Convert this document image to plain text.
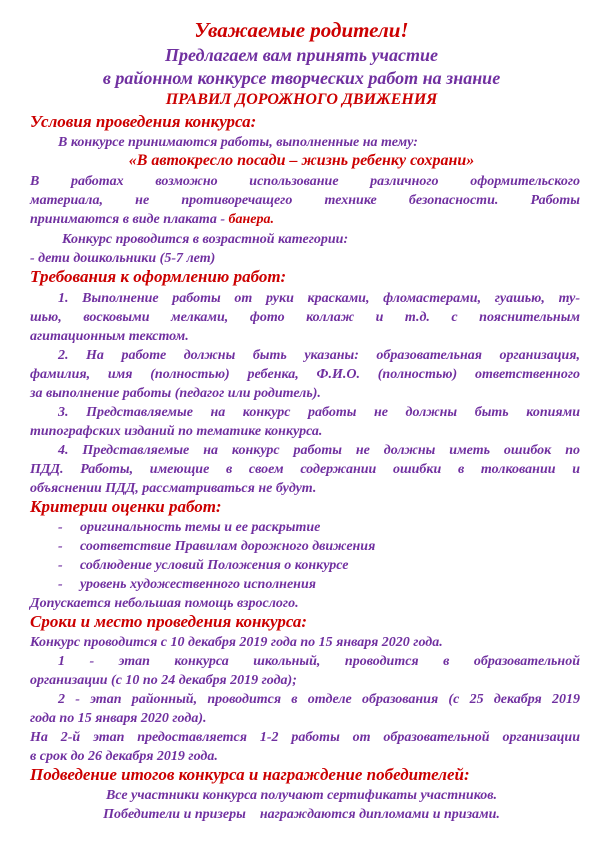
Уважаемые родители!
Предлагаем вам принять участие
в районном конкурсе творческих работ на знание
ПРАВИЛ ДОРОЖНОГО ДВИЖЕНИЯ
Условия проведения конкурса:
В конкурсе принимаются работы, выполненные на тему:
«В автокресло посади – жизнь ребенку сохрани»
В работах возможно использование различного оформительского
материала, не противоречащего технике безопасности. Работы
принимаются в виде плаката - банера.
Конкурс проводится в возрастной категории:
- дети дошкольники (5-7 лет)
Требования к оформлению работ:
1. Выполнение работы от руки красками, фломастерами, гуашью, ту-
шью, восковыми мелками, фото коллаж и т.д. с пояснительным
агитационным текстом.
2. На работе должны быть указаны: образовательная организация,
фамилия, имя (полностью) ребенка, Ф.И.О. (полностью) ответственного
за выполнение работы (педагог или родитель).
3. Представляемые на конкурс работы не должны быть копиями
типографских изданий по тематике конкурса.
4. Представляемые на конкурс работы не должны иметь ошибок по
ПДД. Работы, имеющие в своем содержании ошибки в толковании и
объяснении ПДД, рассматриваться не будут.
Критерии оценки работ:
- оригинальность темы и ее раскрытие
- соответствие Правилам дорожного движения
- соблюдение условий Положения о конкурсе
- уровень художественного исполнения
Допускается небольшая помощь взрослого.
Сроки и место проведения конкурса:
Конкурс проводится с 10 декабря 2019 года по 15 января 2020 года.
1 - этап конкурса школьный, проводится в образовательной
организации (с 10 по 24 декабря 2019 года);
2 - этап районный, проводится в отделе образования (с 25 декабря 2019
года по 15 января 2020 года).
На 2-й этап предоставляется 1-2 работы от образовательной организации
в срок до 26 декабря 2019 года.
Подведение итогов конкурса и награждение победителей:
Все участники конкурса получают сертификаты участников.
Победители и призеры    награждаются дипломами и призами.
